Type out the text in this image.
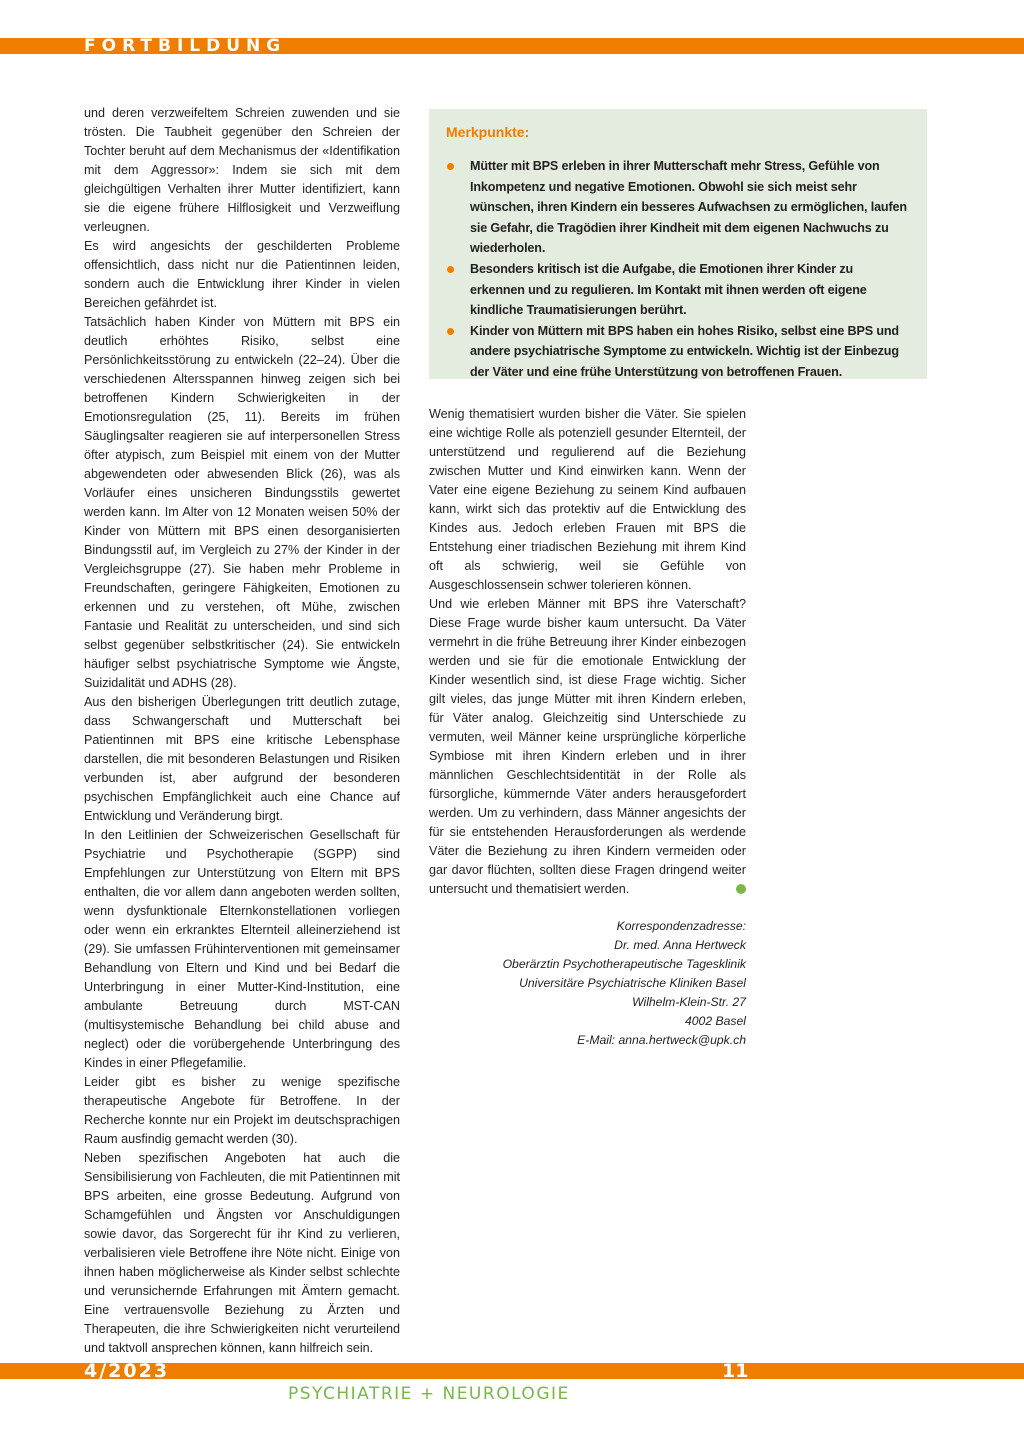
FORTBILDUNG

und deren verzweifeltem Schreien zuwenden und sie trösten. Die Taubheit gegenüber den Schreien der Tochter beruht auf dem Mechanismus der «Identifikation mit dem Aggressor»: Indem sie sich mit dem gleichgültigen Verhalten ihrer Mutter identifiziert, kann sie die eigene frühere Hilflosigkeit und Verzweiflung verleugnen.

Es wird angesichts der geschilderten Probleme offensichtlich, dass nicht nur die Patientinnen leiden, sondern auch die Entwicklung ihrer Kinder in vielen Bereichen gefährdet ist.

Tatsächlich haben Kinder von Müttern mit BPS ein deutlich erhöhtes Risiko, selbst eine Persönlichkeitsstörung zu entwickeln (22–24). Über die verschiedenen Altersspannen hinweg zeigen sich bei betroffenen Kindern Schwierigkeiten in der Emotionsregulation (25, 11). Bereits im frühen Säuglingsalter reagieren sie auf interpersonellen Stress öfter atypisch, zum Beispiel mit einem von der Mutter abgewendeten oder abwesenden Blick (26), was als Vorläufer eines unsicheren Bindungsstils gewertet werden kann. Im Alter von 12 Monaten weisen 50% der Kinder von Müttern mit BPS einen desorganisierten Bindungsstil auf, im Vergleich zu 27% der Kinder in der Vergleichsgruppe (27). Sie haben mehr Probleme in Freundschaften, geringere Fähigkeiten, Emotionen zu erkennen und zu verstehen, oft Mühe, zwischen Fantasie und Realität zu unterscheiden, und sind sich selbst gegenüber selbstkritischer (24). Sie entwickeln häufiger selbst psychiatrische Symptome wie Ängste, Suizidalität und ADHS (28).

Aus den bisherigen Überlegungen tritt deutlich zutage, dass Schwangerschaft und Mutterschaft bei Patientinnen mit BPS eine kritische Lebensphase darstellen, die mit besonderen Belastungen und Risiken verbunden ist, aber aufgrund der besonderen psychischen Empfänglichkeit auch eine Chance auf Entwicklung und Veränderung birgt.

In den Leitlinien der Schweizerischen Gesellschaft für Psychiatrie und Psychotherapie (SGPP) sind Empfehlungen zur Unterstützung von Eltern mit BPS enthalten, die vor allem dann angeboten werden sollten, wenn dysfunktionale Elternkonstellationen vorliegen oder wenn ein erkranktes Elternteil alleinerziehend ist (29). Sie umfassen Frühinterventionen mit gemeinsamer Behandlung von Eltern und Kind und bei Bedarf die Unterbringung in einer Mutter-Kind-Institution, eine ambulante Betreuung durch MST-CAN (multisystemische Behandlung bei child abuse and neglect) oder die vorübergehende Unterbringung des Kindes in einer Pflegefamilie.

Leider gibt es bisher zu wenige spezifische therapeutische Angebote für Betroffene. In der Recherche konnte nur ein Projekt im deutschsprachigen Raum ausfindig gemacht werden (30).

Neben spezifischen Angeboten hat auch die Sensibilisierung von Fachleuten, die mit Patientinnen mit BPS arbeiten, eine grosse Bedeutung. Aufgrund von Schamgefühlen und Ängsten vor Anschuldigungen sowie davor, das Sorgerecht für ihr Kind zu verlieren, verbalisieren viele Betroffene ihre Nöte nicht. Einige von ihnen haben möglicherweise als Kinder selbst schlechte und verunsichernde Erfahrungen mit Ämtern gemacht. Eine vertrauensvolle Beziehung zu Ärzten und Therapeuten, die ihre Schwierigkeiten nicht verurteilend und taktvoll ansprechen können, kann hilfreich sein.

Merkpunkte:
Mütter mit BPS erleben in ihrer Mutterschaft mehr Stress, Gefühle von Inkompetenz und negative Emotionen. Obwohl sie sich meist sehr wünschen, ihren Kindern ein besseres Aufwachsen zu ermöglichen, laufen sie Gefahr, die Tragödien ihrer Kindheit mit dem eigenen Nachwuchs zu wiederholen.
Besonders kritisch ist die Aufgabe, die Emotionen ihrer Kinder zu erkennen und zu regulieren. Im Kontakt mit ihnen werden oft eigene kindliche Traumatisierungen berührt.
Kinder von Müttern mit BPS haben ein hohes Risiko, selbst eine BPS und andere psychiatrische Symptome zu entwickeln. Wichtig ist der Einbezug der Väter und eine frühe Unterstützung von betroffenen Frauen.

Wenig thematisiert wurden bisher die Väter. Sie spielen eine wichtige Rolle als potenziell gesunder Elternteil, der unterstützend und regulierend auf die Beziehung zwischen Mutter und Kind einwirken kann. Wenn der Vater eine eigene Beziehung zu seinem Kind aufbauen kann, wirkt sich das protektiv auf die Entwicklung des Kindes aus. Jedoch erleben Frauen mit BPS die Entstehung einer triadischen Beziehung mit ihrem Kind oft als schwierig, weil sie Gefühle von Ausgeschlossensein schwer tolerieren können.

Und wie erleben Männer mit BPS ihre Vaterschaft? Diese Frage wurde bisher kaum untersucht. Da Väter vermehrt in die frühe Betreuung ihrer Kinder einbezogen werden und sie für die emotionale Entwicklung der Kinder wesentlich sind, ist diese Frage wichtig. Sicher gilt vieles, das junge Mütter mit ihren Kindern erleben, für Väter analog. Gleichzeitig sind Unterschiede zu vermuten, weil Männer keine ursprüngliche körperliche Symbiose mit ihren Kindern erleben und in ihrer männlichen Geschlechtsidentität in der Rolle als fürsorgliche, kümmernde Väter anders herausgefordert werden. Um zu verhindern, dass Männer angesichts der für sie entstehenden Herausforderungen als werdende Väter die Beziehung zu ihren Kindern vermeiden oder gar davor flüchten, sollten diese Fragen dringend weiter untersucht und thematisiert werden.

Korrespondenzadresse:
Dr. med. Anna Hertweck
Oberärztin Psychotherapeutische Tagesklinik
Universitäre Psychiatrische Kliniken Basel
Wilhelm-Klein-Str. 27
4002 Basel
E-Mail: anna.hertweck@upk.ch
4/2023	11
PSYCHIATRIE + NEUROLOGIE
